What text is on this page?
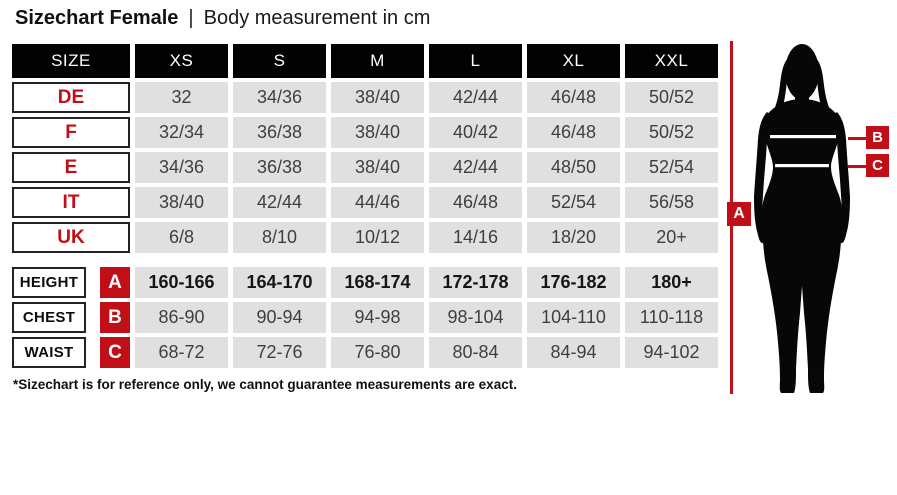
Sizechart Female | Body measurement in cm
SIZE	XS	S	M	L	XL	XXL
DE	32	34/36	38/40	42/44	46/48	50/52
F	32/34	36/38	38/40	40/42	46/48	50/52
E	34/36	36/38	38/40	42/44	48/50	52/54
IT	38/40	42/44	44/46	46/48	52/54	56/58
UK	6/8	8/10	10/12	14/16	18/20	20+
HEIGHT	A	160-166	164-170	168-174	172-178	176-182	180+
CHEST	B	86-90	90-94	94-98	98-104	104-110	110-118
WAIST	C	68-72	72-76	76-80	80-84	84-94	94-102
*Sizechart is for reference only, we cannot guarantee measurements are exact.
A
B
C
